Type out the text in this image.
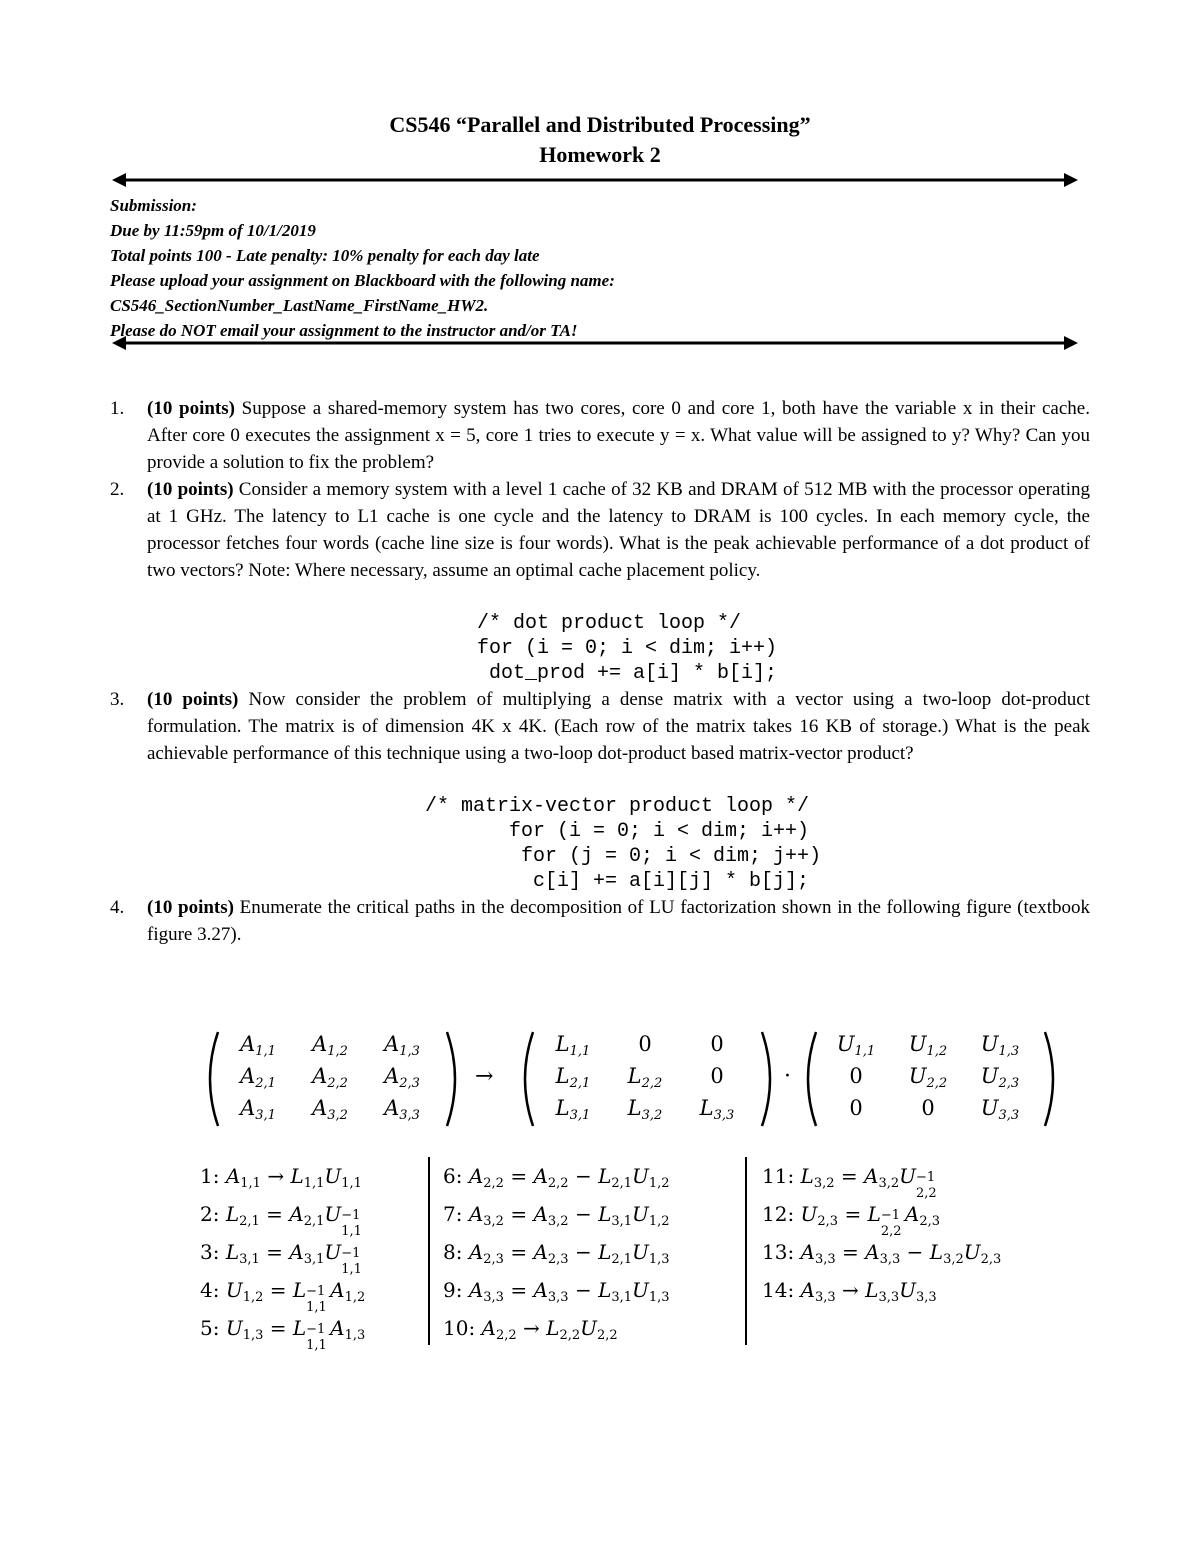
CS546 “Parallel and Distributed Processing”
Homework 2
Submission:
Due by 11:59pm of 10/1/2019
Total points 100 - Late penalty: 10% penalty for each day late
Please upload your assignment on Blackboard with the following name:
CS546_SectionNumber_LastName_FirstName_HW2.
Please do NOT email your assignment to the instructor and/or TA!
1. (10 points) Suppose a shared-memory system has two cores, core 0 and core 1, both have the variable x in their cache. After core 0 executes the assignment x = 5, core 1 tries to execute y = x. What value will be assigned to y? Why? Can you provide a solution to fix the problem?
2. (10 points) Consider a memory system with a level 1 cache of 32 KB and DRAM of 512 MB with the processor operating at 1 GHz. The latency to L1 cache is one cycle and the latency to DRAM is 100 cycles. In each memory cycle, the processor fetches four words (cache line size is four words). What is the peak achievable performance of a dot product of two vectors? Note: Where necessary, assume an optimal cache placement policy.
/* dot product loop */
for (i = 0; i < dim; i++)
dot_prod += a[i] * b[i];
3. (10 points) Now consider the problem of multiplying a dense matrix with a vector using a two-loop dot-product formulation. The matrix is of dimension 4K x 4K. (Each row of the matrix takes 16 KB of storage.) What is the peak achievable performance of this technique using a two-loop dot-product based matrix-vector product?
/* matrix-vector product loop */
for (i = 0; i < dim; i++)
for (j = 0; i < dim; j++)
c[i] += a[i][j] * b[j];
4. (10 points) Enumerate the critical paths in the decomposition of LU factorization shown in the following figure (textbook figure 3.27).
$A_{1,1}$	$A_{1,2}$	$A_{1,3}$
$A_{2,1}$	$A_{2,2}$	$A_{2,3}$
$A_{3,1}$	$A_{3,2}$	$A_{3,3}$
→
$L_{1,1}$	0	0
$L_{2,1}$	$L_{2,2}$	0
$L_{3,1}$	$L_{3,2}$	$L_{3,3}$
·
$U_{1,1}$	$U_{1,2}$	$U_{1,3}$
0	$U_{2,2}$	$U_{2,3}$
0	0	$U_{3,3}$
1: $A_{1,1} \to L_{1,1}U_{1,1}$
2: $L_{2,1} = A_{2,1}U -1$
1,1
3: $L_{3,1} = A_{3,1}U -1$
1,1
4: $U_{1,2} = L -1$
1,1
$A_{1,2}$
5: $U_{1,3} = L -1$
1,1
$A_{1,3}$
6: $A_{2,2} = A_{2,2} - L_{2,1}U_{1,2}$
7: $A_{3,2} = A_{3,2} - L_{3,1}U_{1,2}$
8: $A_{2,3} = A_{2,3} - L_{2,1}U_{1,3}$
9: $A_{3,3} = A_{3,3} - L_{3,1}U_{1,3}$
10: $A_{2,2} \to L_{2,2}U_{2,2}$
11: $L_{3,2} = A_{3,2}U -1$
2,2
12: $U_{2,3} = L -1$
2,2
$A_{2,3}$
13: $A_{3,3} = A_{3,3} - L_{3,2}U_{2,3}$
14: $A_{3,3} \to L_{3,3}U_{3,3}$
